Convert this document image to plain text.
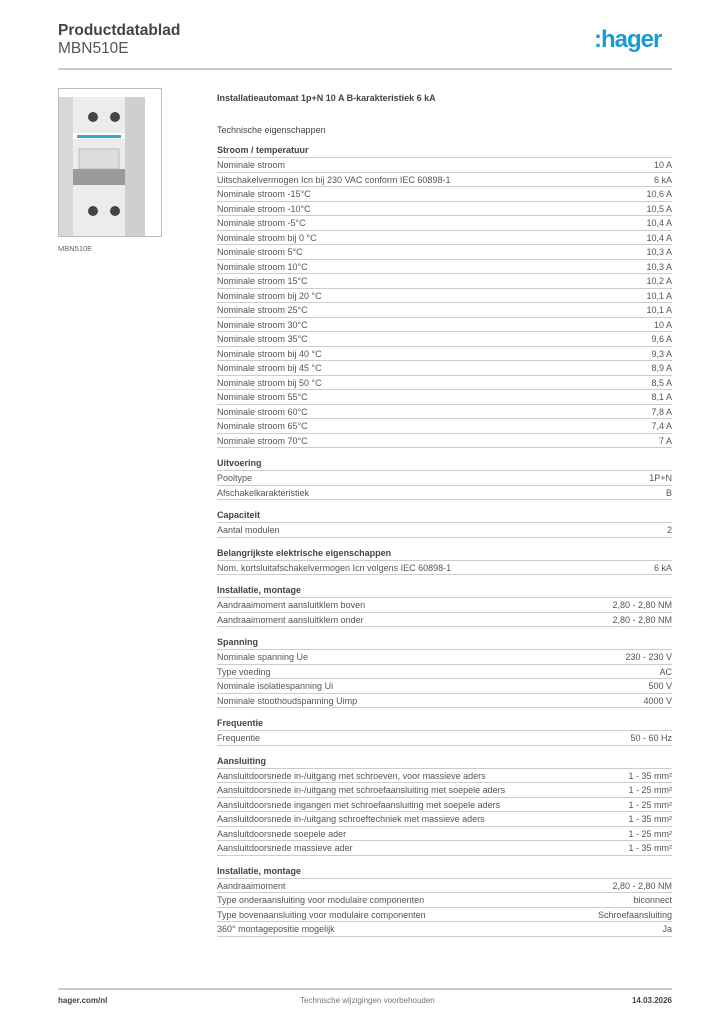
Productdatablad
MBN510E	:hager
MBN510E
Installatieautomaat 1p+N 10 A B-karakteristiek 6 kA
Technische eigenschappen
Stroom / temperatuur
Nominale stroom	10 A
Uitschakelvermogen Icn bij 230 VAC conform IEC 60898-1	6 kA
Nominale stroom -15°C	10,6 A
Nominale stroom -10°C	10,5 A
Nominale stroom -5°C	10,4 A
Nominale stroom bij 0 °C	10,4 A
Nominale stroom 5°C	10,3 A
Nominale stroom 10°C	10,3 A
Nominale stroom 15°C	10,2 A
Nominale stroom bij 20 °C	10,1 A
Nominale stroom 25°C	10,1 A
Nominale stroom 30°C	10 A
Nominale stroom 35°C	9,6 A
Nominale stroom bij 40 °C	9,3 A
Nominale stroom bij 45 °C	8,9 A
Nominale stroom bij 50 °C	8,5 A
Nominale stroom 55°C	8,1 A
Nominale stroom 60°C	7,8 A
Nominale stroom 65°C	7,4 A
Nominale stroom 70°C	7 A
Uitvoering
Pooltype	1P+N
Afschakelkarakteristiek	B
Capaciteit
Aantal modulen	2
Belangrijkste elektrische eigenschappen
Nom. kortsluitafschakelvermogen Icn volgens IEC 60898-1	6 kA
Installatie, montage
Aandraaimoment aansluitklem boven	2,80 - 2,80 NM
Aandraaimoment aansluitklem onder	2,80 - 2,80 NM
Spanning
Nominale spanning Ue	230 - 230 V
Type voeding	AC
Nominale isolatiespanning Ui	500 V
Nominale stoothoudspanning Uimp	4000 V
Frequentie
Frequentie	50 - 60 Hz
Aansluiting
Aansluitdoorsnede in-/uitgang met schroeven, voor massieve aders	1 - 35 mm²
Aansluitdoorsnede in-/uitgang met schroefaansluiting met soepele aders	1 - 25 mm²
Aansluitdoorsnede ingangen met schroefaansluiting met soepele aders	1 - 25 mm²
Aansluitdoorsnede in-/uitgang schroeftechniek met massieve aders	1 - 35 mm²
Aansluitdoorsnede soepele ader	1 - 25 mm²
Aansluitdoorsnede massieve ader	1 - 35 mm²
Installatie, montage
Aandraaimoment	2,80 - 2,80 NM
Type onderaansluiting voor modulaire componenten	biconnect
Type bovenaansluiting voor modulaire componenten	Schroefaansluiting
360° montagepositie mogelijk	Ja
hager.com/nl	Technische wijzigingen voorbehouden	14.03.2026
